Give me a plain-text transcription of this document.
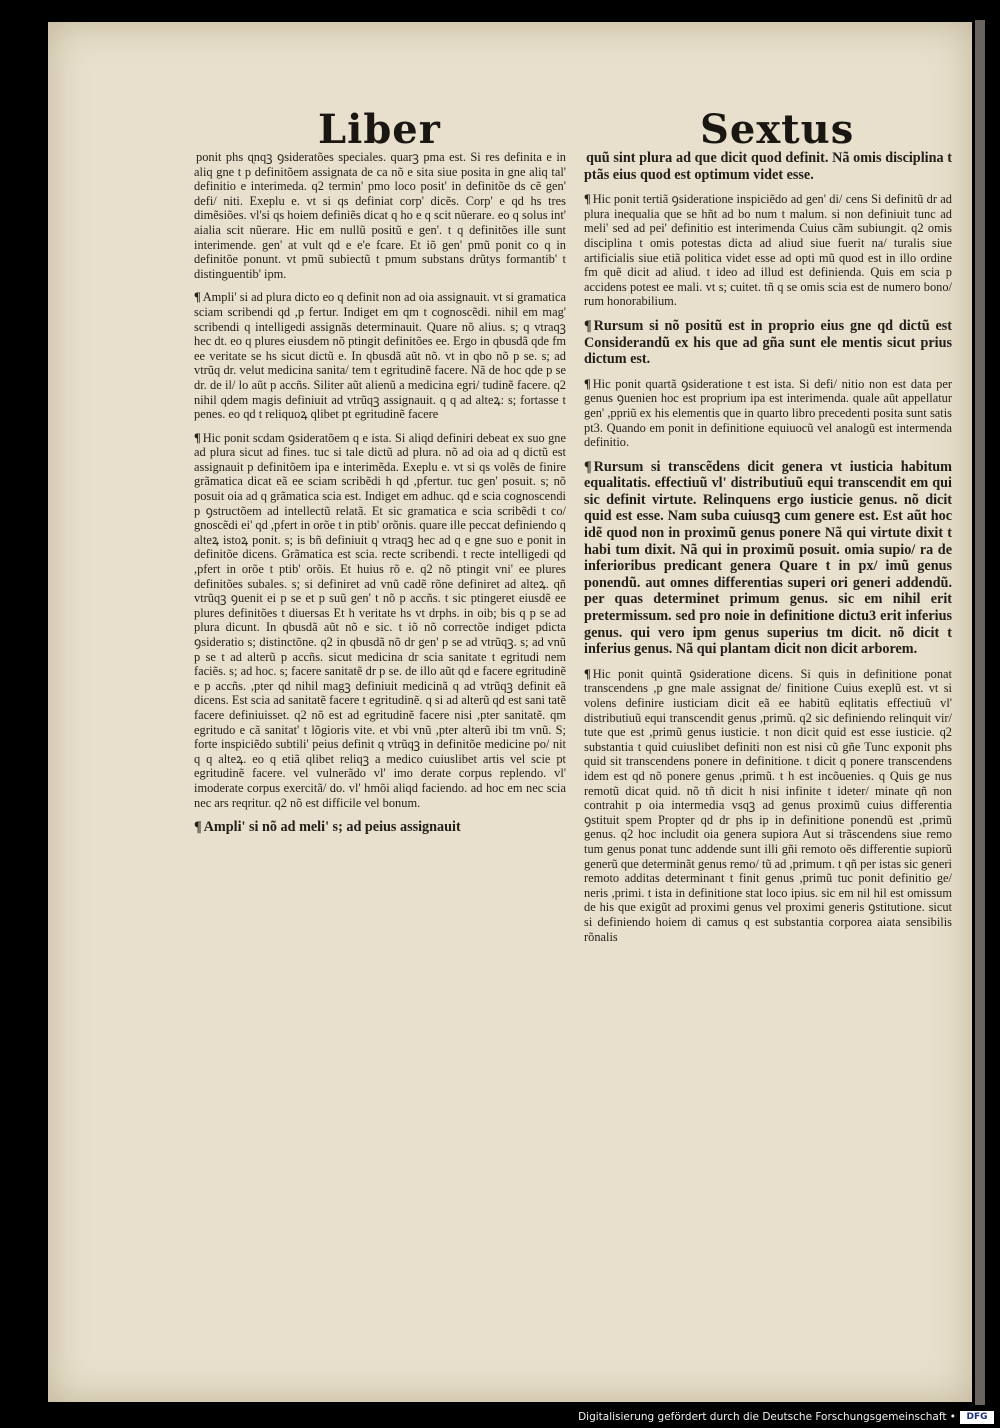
Liber	Sextus

ponit phs ɋnqꝫ ꝯsideratões speciales. quarꝫ pma est. Si res definita e in aliq gne t p definitõem assignata de ca nõ e sita siue posita in gne aliq tal' definitio e interimeda. q2 termin' pmo loco posit' in definitõe ds cẽ gen' defi/ niti. Exeplu e. vt si qs definiat corp' dicẽs. Corp' e qd hs tres dimẽsiões. vl'si qs hoiem definiẽs dicat q ho e q scit nũerare. eo q solus int' aialia scit nũerare. Hic em nullũ positũ e gen'. t q definitões ille sunt interimende. gen' at vult qd e e'e fcare. Et iõ gen' pmũ ponit co q in definitõe ponunt. vt pmũ subiectũ t pmum substans drũtys formantib' t distinguentib' ipm.

¶ Ampli' si ad plura dicto eo q definit non ad oia assignauit. vt si gramatica sciam scribendi qd ,p fertur. Indiget em qm t cognoscẽdi. nihil em mag' scribendi q intelligedi assignãs determinauit. Quare nõ alius. s; q vtraqꝫ hec dt. eo q plures eiusdem nõ ptingit definitões ee. Ergo in qbusdã qde fm ee veritate se hs sicut dictũ e. In qbusdã aũt nõ. vt in qbo nõ p se. s; ad vtrũq dr. velut medicina sanita/ tem t egritudinẽ facere. Nã de hoc qde p se dr. de il/ lo aũt p accñs. Siliter aũt alienũ a medicina egri/ tudinẽ facere. q2 nihil qdem magis definiuit ad vtrũqꝫ assignauit. q q ad alteꝝ: s; fortasse t penes. eo qd t reliquoꝝ qlibet pt egritudinẽ facere

¶ Hic ponit scdam ꝯsideratõem q e ista. Si aliqd definiri debeat ex suo gne ad plura sicut ad fines. tuc si tale dictũ ad plura. nõ ad oia ad q dictũ est assignauit p definitõem ipa e interimẽda. Exeplu e. vt si qs volẽs de finire grãmatica dicat eã ee sciam scribẽdi h qd ,pfertur. tuc gen' posuit. s; nõ posuit oia ad q grãmatica scia est. Indiget em adhuc. qd e scia cognoscendi p ꝯstructõem ad intellectũ relatã. Et sic gramatica e scia scribẽdi t co/ gnoscẽdi ei' qd ,pfert in orõe t in ptib' orõnis. quare ille peccat definiendo q alteꝝ istoꝝ ponit. s; is bñ definiuit q vtraqꝫ hec ad q e gne suo e ponit in definitõe dicens. Grãmatica est scia. recte scribendi. t recte intelligedi qd ,pfert in orõe t ptib' orõis. Et huius rõ e. q2 nõ ptingit vni' ee plures definitões subales. s; si definiret ad vnũ cadẽ rõne definiret ad alteꝝ. qñ vtrũqꝫ ꝯuenit ei p se et p suũ gen' t nõ p accñs. t sic ptingeret eiusdẽ ee plures definitões t diuersas Et h veritate hs vt drphs. in oib; bis q p se ad plura dicunt. In qbusdã aũt nõ e sic. t iõ nõ correctõe indiget pdicta ꝯsideratio s; distinctõne. q2 in qbusdã nõ dr gen' p se ad vtrũqꝫ. s; ad vnũ p se t ad alterũ p accñs. sicut medicina dr scia sanitate t egritudi nem faciẽs. s; ad hoc. s; facere sanitatẽ dr p se. de illo aũt qd e facere egritudinẽ e p accñs. ,pter qd nihil magꝫ definiuit medicinã q ad vtrũqꝫ definit eã dicens. Est scia ad sanitatẽ facere t egritudinẽ. q si ad alterũ qd est sani tatẽ facere definiuisset. q2 nõ est ad egritudinẽ facere nisi ,pter sanitatẽ. qm egritudo e cã sanitat' t lõgioris vite. et vbi vnũ ,pter alterũ ibi tm vnũ. S; forte inspiciẽdo subtili' peius definit q vtrũqꝫ in definitõe medicine po/ nit q q alteꝝ. eo q etiã qlibet reliqꝫ a medico cuiuslibet artis vel scie pt egritudinẽ facere. vel vulnerãdo vl' imo derate corpus replendo. vl' imoderate corpus exercitã/ do. vl' hmõi aliqd faciendo. ad hoc em nec scia nec ars reqritur. q2 nõ est difficile vel bonum.

¶ Ampli' si nõ ad meli' s; ad peius assignauit

quũ sint plura ad que dicit quod definit. Nã omis disciplina t ptãs eius quod est optimum videt esse.

¶ Hic ponit tertiã ꝯsideratione inspiciẽdo ad gen' di/ cens Si definitũ dr ad plura inequalia que se hñt ad bo num t malum. si non definiuit tunc ad meli' sed ad pei' definitio est interimenda Cuius cãm subiungit. q2 omis disciplina t omis potestas dicta ad aliud siue fuerit na/ turalis siue artificialis siue etiã politica videt esse ad opti mũ quod est in illo ordine fm quẽ dicit ad aliud. t ideo ad illud est definienda. Quis em scia p accidens potest ee mali. vt s; cuitet. tñ q se omis scia est de numero bono/ rum honorabilium.

¶ Rursum si nõ positũ est in proprio eius gne qd dictũ est Considerandũ ex his que ad gña sunt ele mentis sicut prius dictum est.

¶ Hic ponit quartã ꝯsideratione t est ista. Si defi/ nitio non est data per genus ꝯuenien hoc est proprium ipa est interimenda. quale aũt appellatur gen' ,ppriũ ex his elementis que in quarto libro precedenti posita sunt satis pt3. Quando em ponit in definitione equiuocũ vel analogũ est intermenda definitio.

¶ Rursum si transcẽdens dicit genera vt iusticia habitum equalitatis. effectiuũ vl' distributiuũ equi transcendit em qui sic definit virtute. Relinquens ergo iusticie genus. nõ dicit quid est esse. Nam suba cuiusqꝫ cum genere est. Est aũt hoc idẽ quod non in proximũ genus ponere Nã qui virtute dixit t habi tum dixit. Nã qui in proximũ posuit. omia supio/ ra de inferioribus predicant genera Quare t in px/ imũ genus ponendũ. aut omnes differentias superi ori generi addendũ. per quas determinet primum genus. sic em nihil erit pretermissum. sed pro noie in definitione dictu3 erit inferius genus. qui vero ipm genus superius tm dicit. nõ dicit t inferius genus. Nã qui plantam dicit non dicit arborem.

¶ Hic ponit quintã ꝯsideratione dicens. Si quis in definitione ponat transcendens ,p gne male assignat de/ finitione Cuius exeplũ est. vt si volens definire iusticiam dicit eã ee habitũ eqlitatis effectiuũ vl' distributiuũ equi transcendit genus ,primũ. q2 sic definiendo relinquit vir/ tute que est ,primũ genus iusticie. t non dicit quid est esse iusticie. q2 substantia t quid cuiuslibet definiti non est nisi cũ gñe Tunc exponit phs quid sit transcendens ponere in definitione. t dicit q ponere transcendens idem est qd nõ ponere genus ,primũ. t h est incõuenies. q Quis ge nus remotũ dicat quid. nõ tñ dicit h nisi infinite t ideter/ minate qñ non contrahit p oia intermedia vsqꝫ ad genus proximũ cuius differentia ꝯstituit spem Propter qd dr phs ip in definitione ponendũ est ,primũ genus. q2 hoc includit oia genera supiora Aut si trãscendens siue remo tum genus ponat tunc addende sunt illi gñi remoto oẽs differentie supiorũ generũ que determinãt genus remo/ tũ ad ,primum. t qñ per istas sic generi remoto additas determinant t finit genus ,primũ tuc ponit definitio ge/ neris ,primi. t ista in definitione stat loco ipius. sic em nil hil est omissum de his que exigũt ad proximi genus vel proximi generis ꝯstitutione. sicut si definiendo hoiem di camus q est substantia corporea aiata sensibilis rõnalis

Digitalisierung gefördert durch die Deutsche Forschungsgemeinschaft •	DFG
